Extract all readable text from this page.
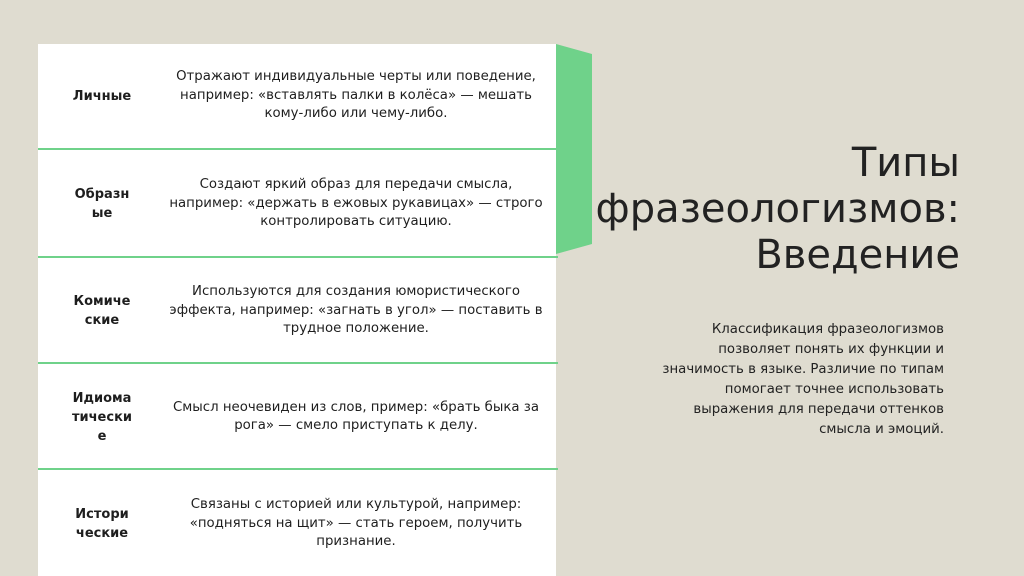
Личные
Отражают индивидуальные черты или поведение, например: «вставлять палки в колёса» — мешать кому-либо или чему-либо.
Образные
Создают яркий образ для передачи смысла, например: «держать в ежовых рукавицах» — строго контролировать ситуацию.
Комические
Используются для создания юмористического эффекта, например: «загнать в угол» — поставить в трудное положение.
Идиоматические
Смысл неочевиден из слов, пример: «брать быка за рога» — смело приступать к делу.
Исторические
Связаны с историей или культурой, например: «подняться на щит» — стать героем, получить признание.
Типы фразеологизмов: Введение
Классификация фразеологизмов позволяет понять их функции и значимость в языке. Различие по типам помогает точнее использовать выражения для передачи оттенков смысла и эмоций.
